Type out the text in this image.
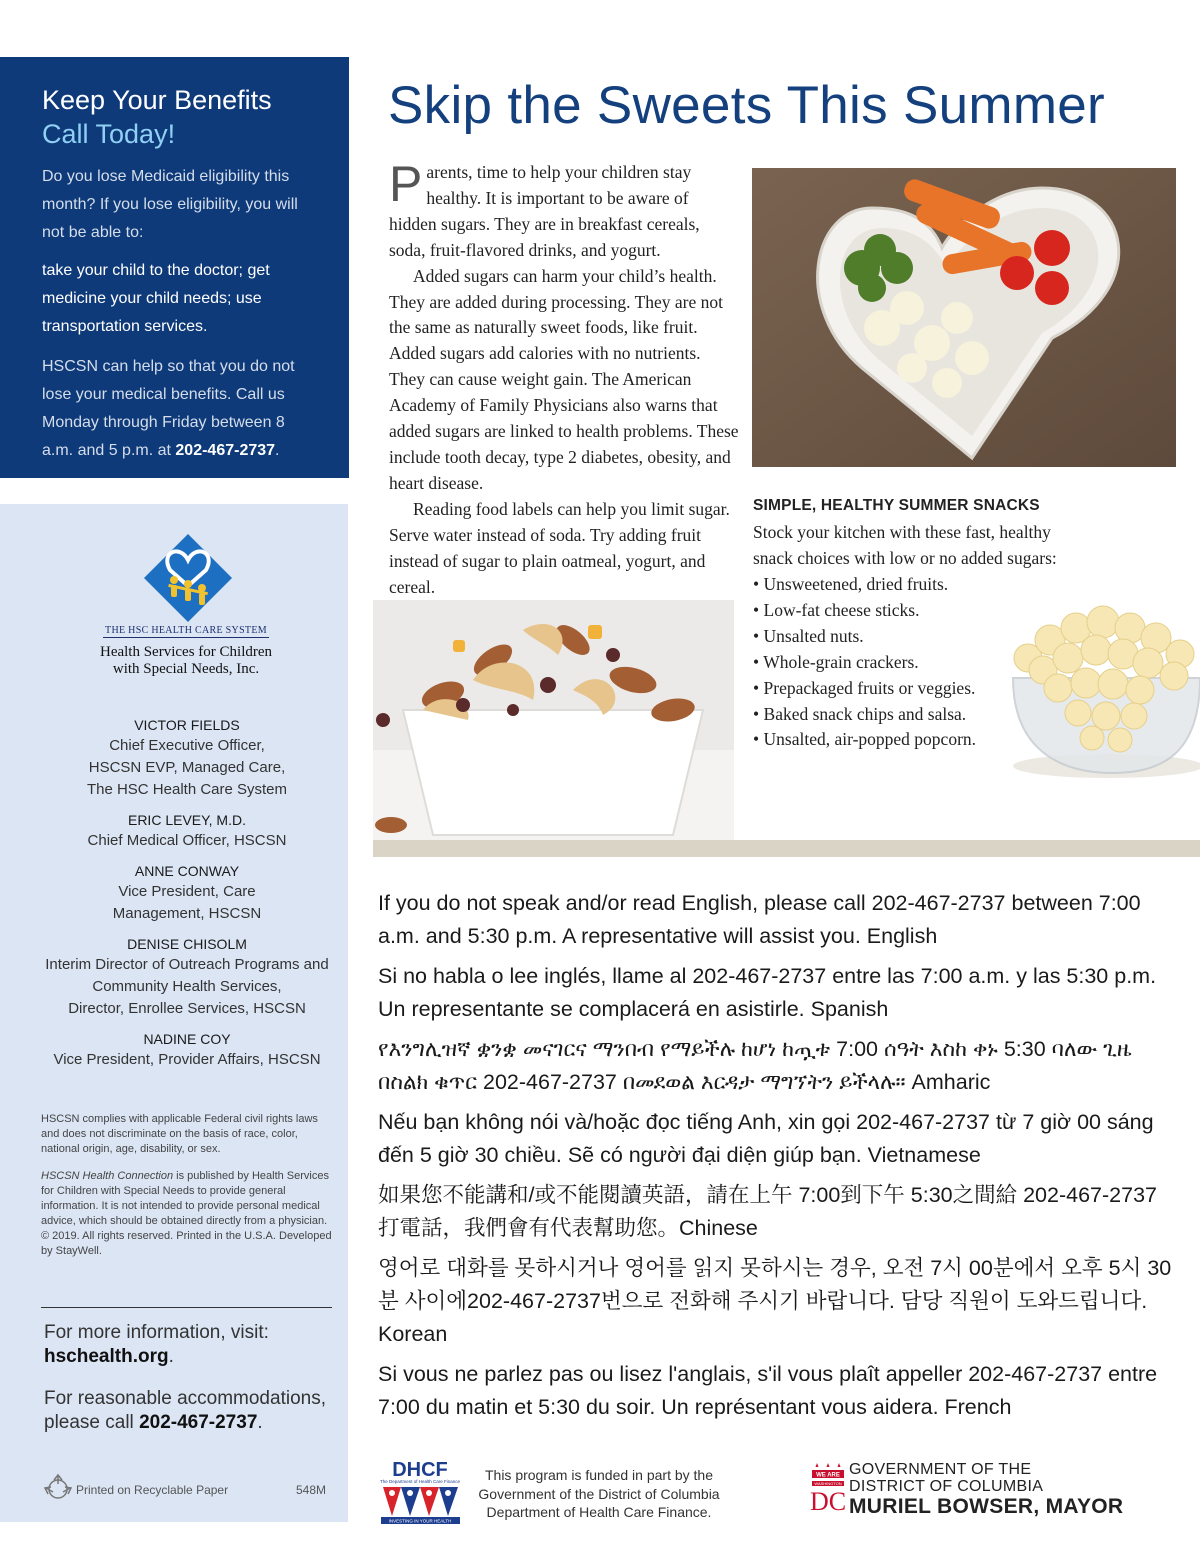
Keep Your Benefits
Call Today!

Do you lose Medicaid eligibility this month? If you lose eligibility, you will not be able to:

take your child to the doctor; get medicine your child needs; use transportation services.

HSCSN can help so that you do not lose your medical benefits. Call us Monday through Friday between 8 a.m. and 5 p.m. at 202-467-2737.

THE HSC HEALTH CARE SYSTEM
Health Services for Children
with Special Needs, Inc.
VICTOR FIELDS
Chief Executive Officer,
HSCSN EVP, Managed Care,
The HSC Health Care System
ERIC LEVEY, M.D.
Chief Medical Officer, HSCSN
ANNE CONWAY
Vice President, Care
Management, HSCSN
DENISE CHISOLM
Interim Director of Outreach Programs and
Community Health Services,
Director, Enrollee Services, HSCSN
NADINE COY
Vice President, Provider Affairs, HSCSN

HSCSN complies with applicable Federal civil rights laws and does not discriminate on the basis of race, color, national origin, age, disability, or sex.

HSCSN Health Connection is published by Health Services for Children with Special Needs to provide general information. It is not intended to provide personal medical advice, which should be obtained directly from a physician. © 2019. All rights reserved. Printed in the U.S.A. Developed by StayWell.

For more information, visit:
hschealth.org.

For reasonable accommodations, please call 202-467-2737.

Printed on Recyclable Paper	548M
Skip the Sweets This Summer

Parents, time to help your children stay healthy. It is important to be aware of hidden sugars. They are in breakfast cereals, soda, fruit-flavored drinks, and yogurt.

Added sugars can harm your child’s health. They are added during processing. They are not the same as naturally sweet foods, like fruit. Added sugars add calories with no nutrients. They can cause weight gain. The American Academy of Family Physicians also warns that added sugars are linked to health problems. These include tooth decay, type 2 diabetes, obesity, and heart disease.

Reading food labels can help you limit sugar. Serve water instead of soda. Try adding fruit instead of sugar to plain oatmeal, yogurt, and cereal.

SIMPLE, HEALTHY SUMMER SNACKS
Stock your kitchen with these fast, healthy snack choices with low or no added sugars:
• Unsweetened, dried fruits.
• Low-fat cheese sticks.
• Unsalted nuts.
• Whole-grain crackers.
• Prepackaged fruits or veggies.
• Baked snack chips and salsa.
• Unsalted, air-popped popcorn.

If you do not speak and/or read English, please call 202-467-2737 between 7:00 a.m. and 5:30 p.m. A representative will assist you. English

Si no habla o lee inglés, llame al 202-467-2737 entre las 7:00 a.m. y las 5:30 p.m. Un representante se complacerá en asistirle. Spanish

የእንግሊዝኛ ቋንቋ መናገርና ማንበብ የማይችሉ ከሆነ ከጧቱ 7:00 ሰዓት እስከ ቀኑ 5:30 ባለው ጊዜ በስልክ ቁጥር 202-467-2737 በመደወል እርዳታ ማግኘትን ይችላሉ። Amharic

Nếu bạn không nói và/hoặc đọc tiếng Anh, xin gọi 202-467-2737 từ 7 giờ 00 sáng đến 5 giờ 30 chiều. Sẽ có người đại diện giúp bạn. Vietnamese

如果您不能講和/或不能閱讀英語，請在上午 7:00到下午 5:30之間給 202-467-2737 打電話，我們會有代表幫助您。Chinese

영어로 대화를 못하시거나 영어를 읽지 못하시는 경우, 오전 7시 00분에서 오후 5시 30분 사이에202-467-2737번으로 전화해 주시기 바랍니다. 담당 직원이 도와드립니다. Korean

Si vous ne parlez pas ou lisez l'anglais, s'il vous plaît appeller 202-467-2737 entre 7:00 du matin et 5:30 du soir. Un représentant vous aidera. French

DHCF
The Department of Health Care Finance
INVESTING IN YOUR HEALTH
This program is funded in part by the Government of the District of Columbia Department of Health Care Finance.
WE ARE
WASHINGTON
DC
GOVERNMENT OF THE
DISTRICT OF COLUMBIA
MURIEL BOWSER, MAYOR
